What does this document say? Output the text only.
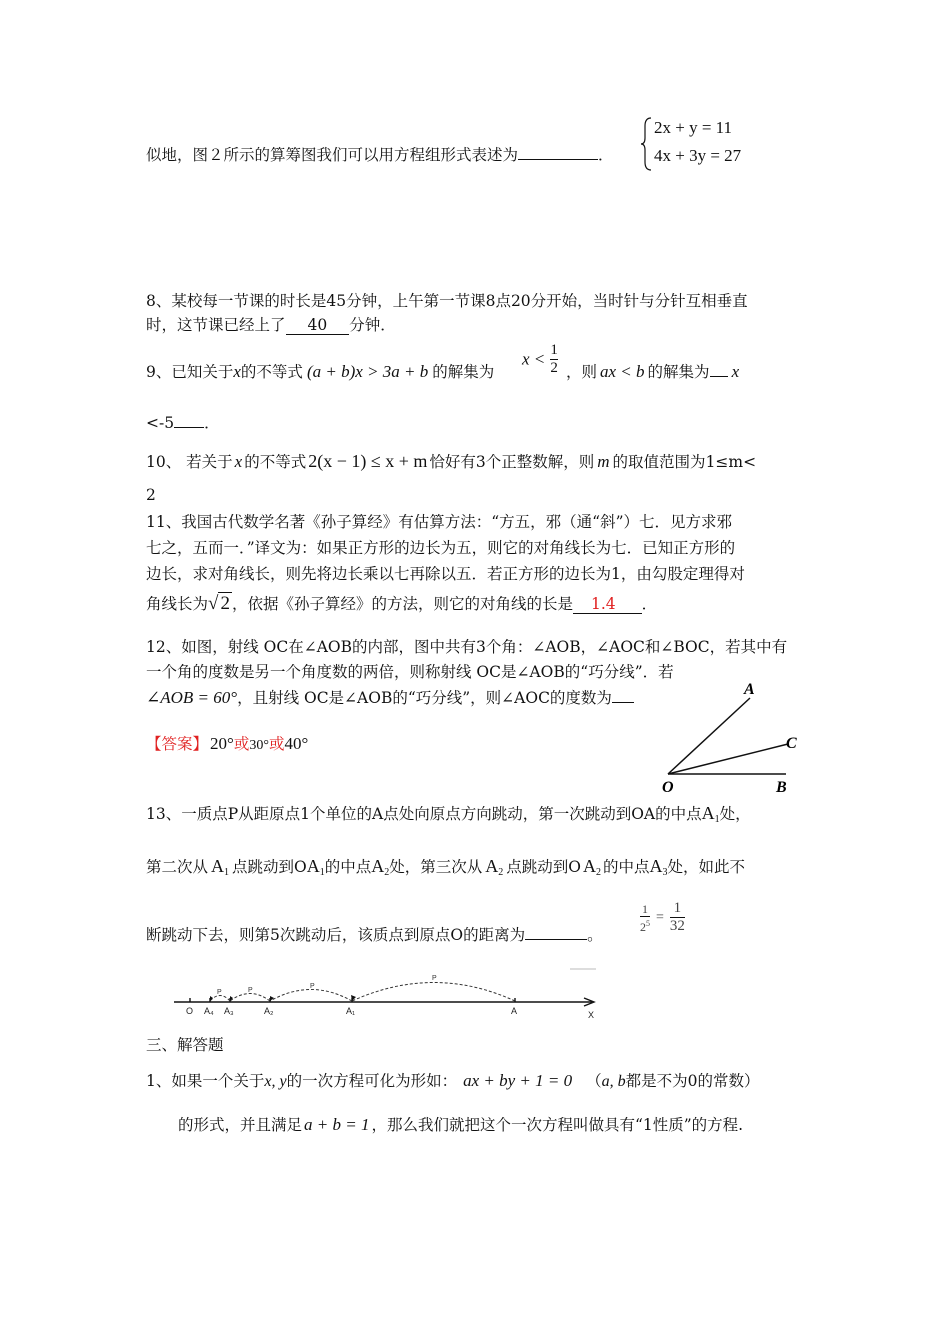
似地，图２所示的算筹图我们可以用方程组形式表述为	．
2x + y = 11
4x + 3y = 27
8、某校每一节课的时长是45分钟，上午第一节课8点20分开始，当时针与分针互相垂直
时，这节课已经上了 40 分钟．
9、已知关于x的不等式 (a + b)x > 3a + b 的解集为
$x < \frac{1}{2}$ ，则 ax < b 的解集为 x
<-5 ．
10、 若关于 x 的不等式 2(x − 1) ≤ x + m 恰好有3个正整数解，则 m 的取值范围为1≤m<
2
11、我国古代数学名著《孙子算经》有估算方法：“方五，邪（通“斜”）七．见方求邪
七之，五而一．”译文为：如果正方形的边长为五，则它的对角线长为七．已知正方形的
边长，求对角线长，则先将边长乘以七再除以五．若正方形的边长为1，由勾股定理得对
角线长为√ 2 ，依据《孙子算经》的方法，则它的对角线的长是 1.4 ．
12、如图，射线 OC在∠AOB的内部，图中共有3个角：∠AOB，∠AOC和∠BOC，若其中有
一个角的度数是另一个角度数的两倍，则称射线 OC是∠AOB的“巧分线”．若
∠AOB = 60°，且射线 OC是∠AOB的“巧分线”，则∠AOC的度数为
【答案】 20°或30°或40°
A
C
O	B
13、一质点P从距原点1个单位的A点处向原点方向跳动，第一次跳动到OA的中点$A_1$处，
第二次从 $A_1$ 点跳动到$OA_1$的中点$A_2$处，第三次从 $A_2$ 点跳动到O $A_2$ 的中点$A_3$处，如此不
断跳动下去，则第5次跳动后，该质点到原点O的距离为	。
$\frac{1}{2^5} = \frac{1}{32}$
P
P
P
P
O A₄ A₃	A₂	A₁	A	X
三、解答题
1、如果一个关于x, y的一次方程可化为形如： ax + by + 1 = 0 （a, b都是不为0的常数）
的形式，并且满足 a + b = 1 ，那么我们就把这个一次方程叫做具有“1性质”的方程.
